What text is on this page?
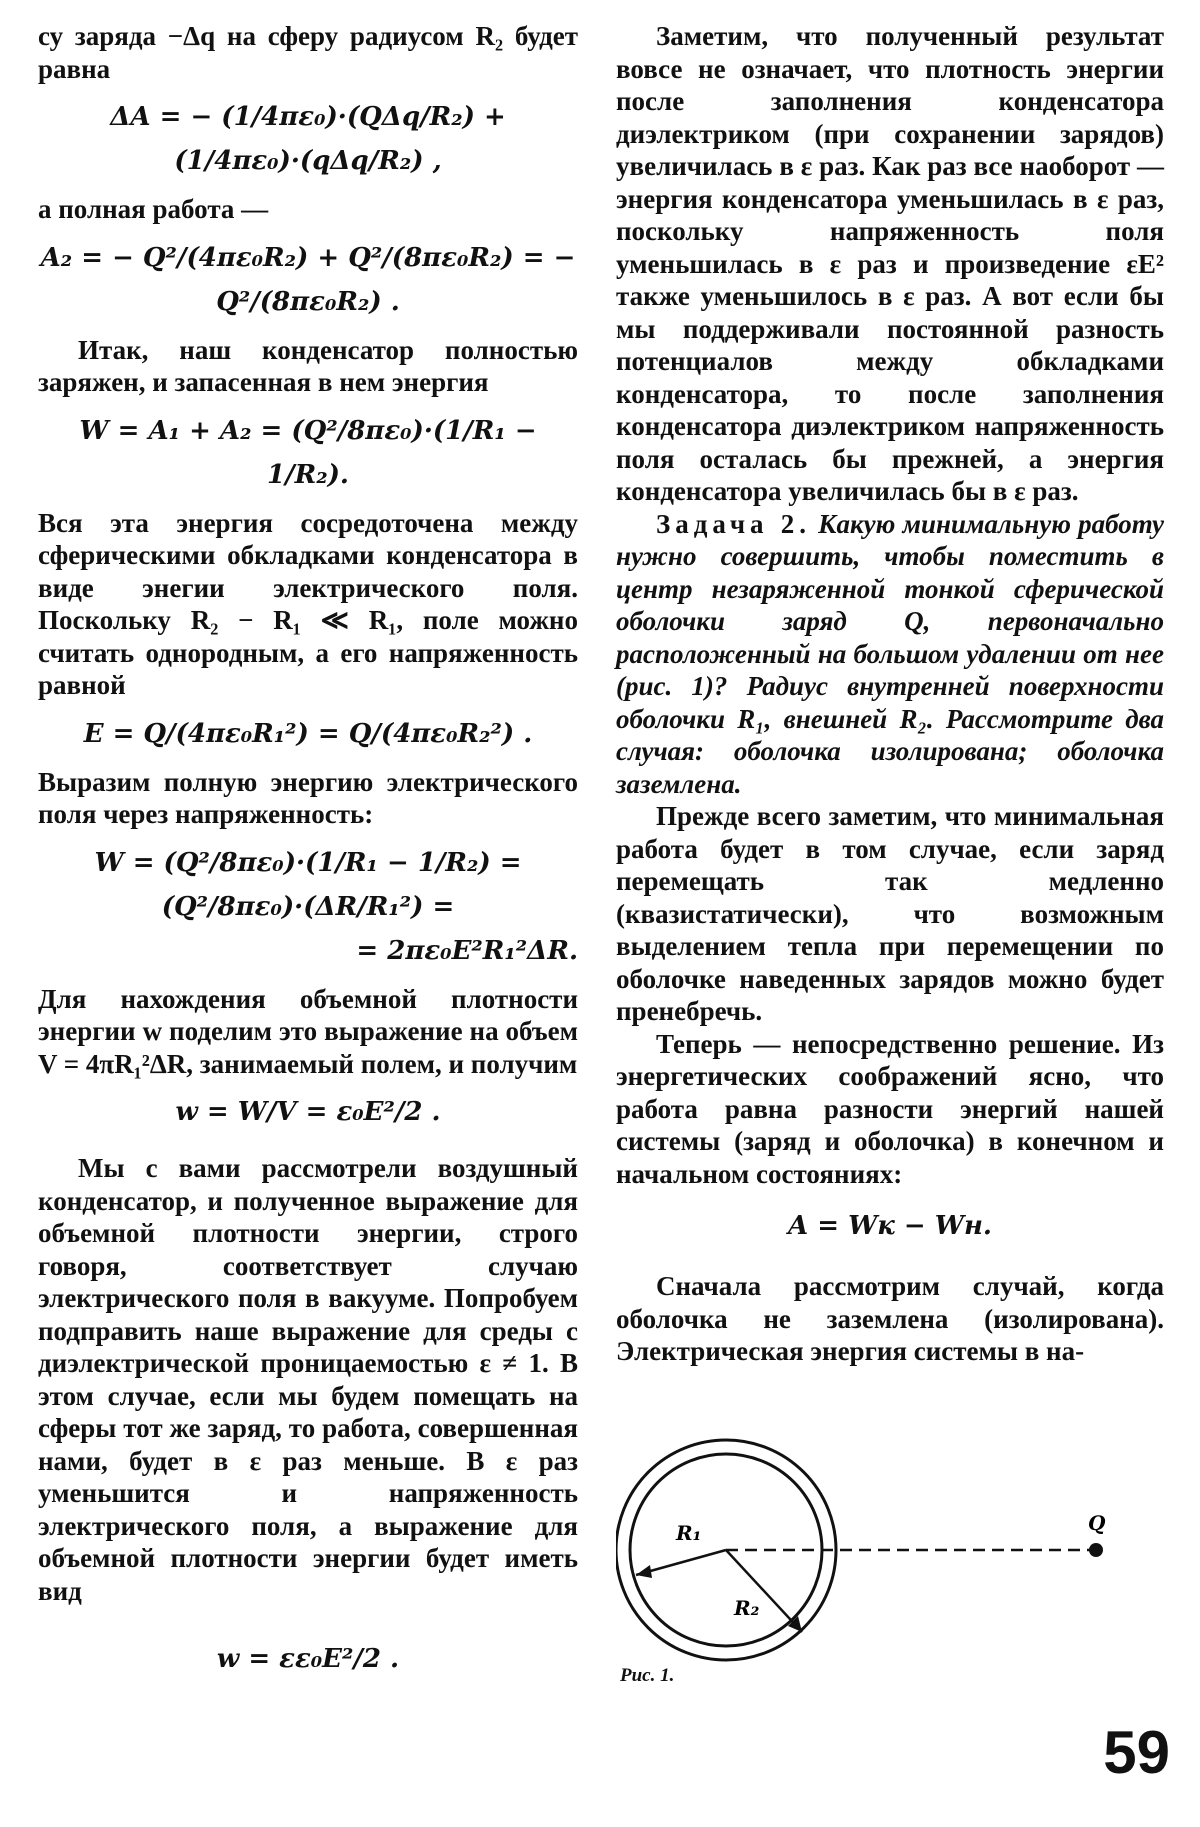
су заряда −Δq на сферу радиусом R₂ будет равна

ΔA = − (1/4πε₀)·(QΔq/R₂) + (1/4πε₀)·(qΔq/R₂) ,

а полная работа —

A₂ = − Q²/(4πε₀R₂) + Q²/(8πε₀R₂) = − Q²/(8πε₀R₂) .

Итак, наш конденсатор полностью заряжен, и запасенная в нем энергия

W = A₁ + A₂ = (Q²/8πε₀)·(1/R₁ − 1/R₂).

Вся эта энергия сосредоточена между сферическими обкладками конденсатора в виде энегии электрического поля. Поскольку R₂ − R₁ ≪ R₁, поле можно считать однородным, а его напряженность равной

E = Q/(4πε₀R₁²) = Q/(4πε₀R₂²) .

Выразим полную энергию электрического поля через напряженность:

W = (Q²/8πε₀)·(1/R₁ − 1/R₂) = (Q²/8πε₀)·(ΔR/R₁²) =
= 2πε₀E²R₁²ΔR.

Для нахождения объемной плотности энергии w поделим это выражение на объем V = 4πR₁²ΔR, занимаемый полем, и получим

w = W/V = ε₀E²/2 .

Мы с вами рассмотрели воздушный конденсатор, и полученное выражение для объемной плотности энергии, строго говоря, соответствует случаю электрического поля в вакууме. Попробуем подправить наше выражение для среды с диэлектрической проницаемостью ε ≠ 1. В этом случае, если мы будем помещать на сферы тот же заряд, то работа, совершенная нами, будет в ε раз меньше. В ε раз уменьшится и напряженность электрического поля, а выражение для объемной плотности энергии будет иметь вид

w = εε₀E²/2 .

Заметим, что полученный результат вовсе не означает, что плотность энергии после заполнения конденсатора диэлектриком (при сохранении зарядов) увеличилась в ε раз. Как раз все наоборот — энергия конденсатора уменьшилась в ε раз, поскольку напряженность поля уменьшилась в ε раз и произведение εE² также уменьшилось в ε раз. А вот если бы мы поддерживали постоянной разность потенциалов между обкладками конденсатора, то после заполнения конденсатора диэлектриком напряженность поля осталась бы прежней, а энергия конденсатора увеличилась бы в ε раз.

Задача 2. Какую минимальную работу нужно совершить, чтобы поместить в центр незаряженной тонкой сферической оболочки заряд Q, первоначально расположенный на большом удалении от нее (рис. 1)? Радиус внутренней поверхности оболочки R₁, внешней R₂. Рассмотрите два случая: оболочка изолирована; оболочка заземлена.

Прежде всего заметим, что минимальная работа будет в том случае, если заряд перемещать так медленно (квазистатически), что возможным выделением тепла при перемещении по оболочке наведенных зарядов можно будет пренебречь.

Теперь — непосредственно решение. Из энергетических соображений ясно, что работа равна разности энергий нашей системы (заряд и оболочка) в конечном и начальном состояниях:

A = Wк − Wн.

Сначала рассмотрим случай, когда оболочка не заземлена (изолирована). Электрическая энергия системы в на-

R₁
R₂
Q
Рис. 1.
59
